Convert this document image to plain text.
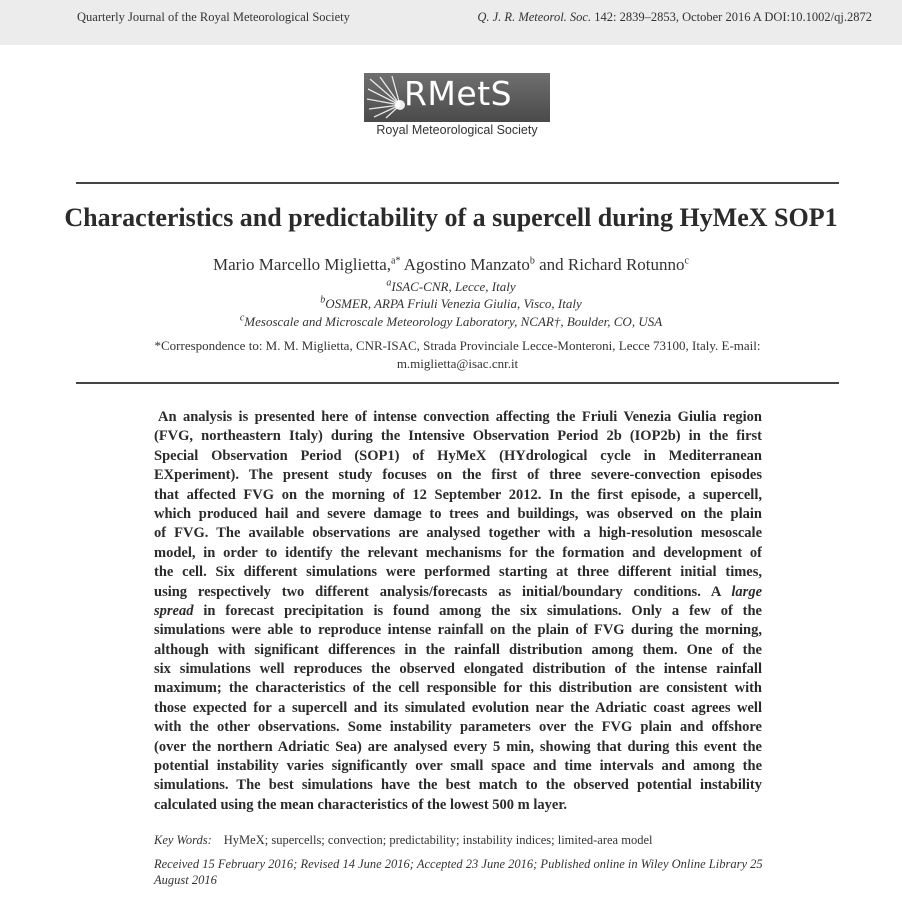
Quarterly Journal of the Royal Meteorological Society	Q. J. R. Meteorol. Soc. 142: 2839–2853, October 2016 A DOI:10.1002/qj.2872
RMetS
Royal Meteorological Society
Characteristics and predictability of a supercell during HyMeX SOP1
Mario Marcello Miglietta,$^{a*}$ Agostino Manzato$^b$ and Richard Rotunno$^c$
$^a$ISAC-CNR, Lecce, Italy
$^b$OSMER, ARPA Friuli Venezia Giulia, Visco, Italy
$^c$Mesoscale and Microscale Meteorology Laboratory, NCAR†, Boulder, CO, USA
*Correspondence to: M. M. Miglietta, CNR-ISAC, Strada Provinciale Lecce-Monteroni, Lecce 73100, Italy. E-mail:
m.miglietta@isac.cnr.it
An analysis is presented here of intense convection affecting the Friuli Venezia Giulia region
(FVG, northeastern Italy) during the Intensive Observation Period 2b (IOP2b) in the first
Special Observation Period (SOP1) of HyMeX (HYdrological cycle in Mediterranean
EXperiment). The present study focuses on the first of three severe-convection episodes
that affected FVG on the morning of 12 September 2012. In the first episode, a supercell,
which produced hail and severe damage to trees and buildings, was observed on the plain
of FVG. The available observations are analysed together with a high-resolution mesoscale
model, in order to identify the relevant mechanisms for the formation and development of
the cell. Six different simulations were performed starting at three different initial times,
using respectively two different analysis/forecasts as initial/boundary conditions. A large
spread in forecast precipitation is found among the six simulations. Only a few of the
simulations were able to reproduce intense rainfall on the plain of FVG during the morning,
although with significant differences in the rainfall distribution among them. One of the
six simulations well reproduces the observed elongated distribution of the intense rainfall
maximum; the characteristics of the cell responsible for this distribution are consistent with
those expected for a supercell and its simulated evolution near the Adriatic coast agrees well
with the other observations. Some instability parameters over the FVG plain and offshore
(over the northern Adriatic Sea) are analysed every 5 min, showing that during this event the
potential instability varies significantly over small space and time intervals and among the
simulations. The best simulations have the best match to the observed potential instability
calculated using the mean characteristics of the lowest 500 m layer.
Key Words: HyMeX; supercells; convection; predictability; instability indices; limited-area model
Received 15 February 2016; Revised 14 June 2016; Accepted 23 June 2016; Published online in Wiley Online Library 25 August 2016
